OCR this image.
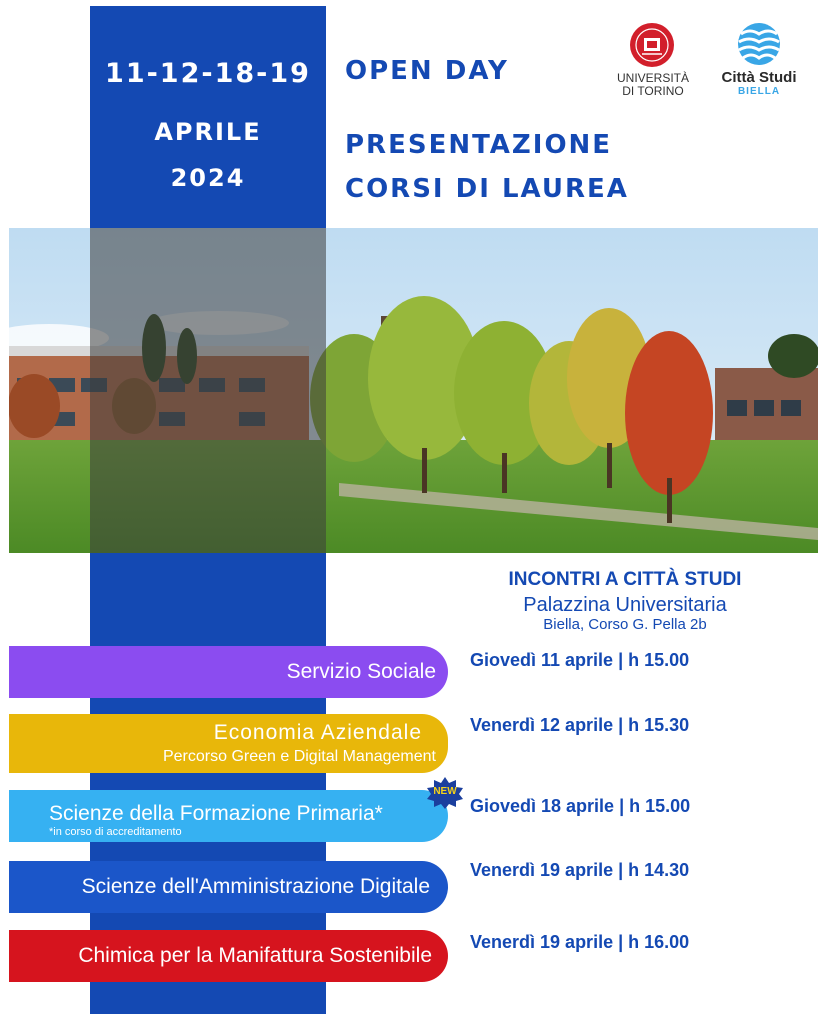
11-12-18-19
APRILE
2024
OPEN DAY
PRESENTAZIONE
CORSI DI LAUREA
UNIVERSITÀ
DI TORINO
Città Studi
BIELLA
INCONTRI A CITTÀ STUDI
Palazzina Universitaria
Biella, Corso G. Pella 2b
Servizio Sociale
Economia Aziendale
Percorso Green e Digital Management
Scienze della Formazione Primaria*
*in corso di accreditamento
NEW
Scienze dell'Amministrazione Digitale
Chimica per la Manifattura Sostenibile
Giovedì 11 aprile | h 15.00
Venerdì 12 aprile | h 15.30
Giovedì 18 aprile | h 15.00
Venerdì 19 aprile | h 14.30
Venerdì 19 aprile | h 16.00
